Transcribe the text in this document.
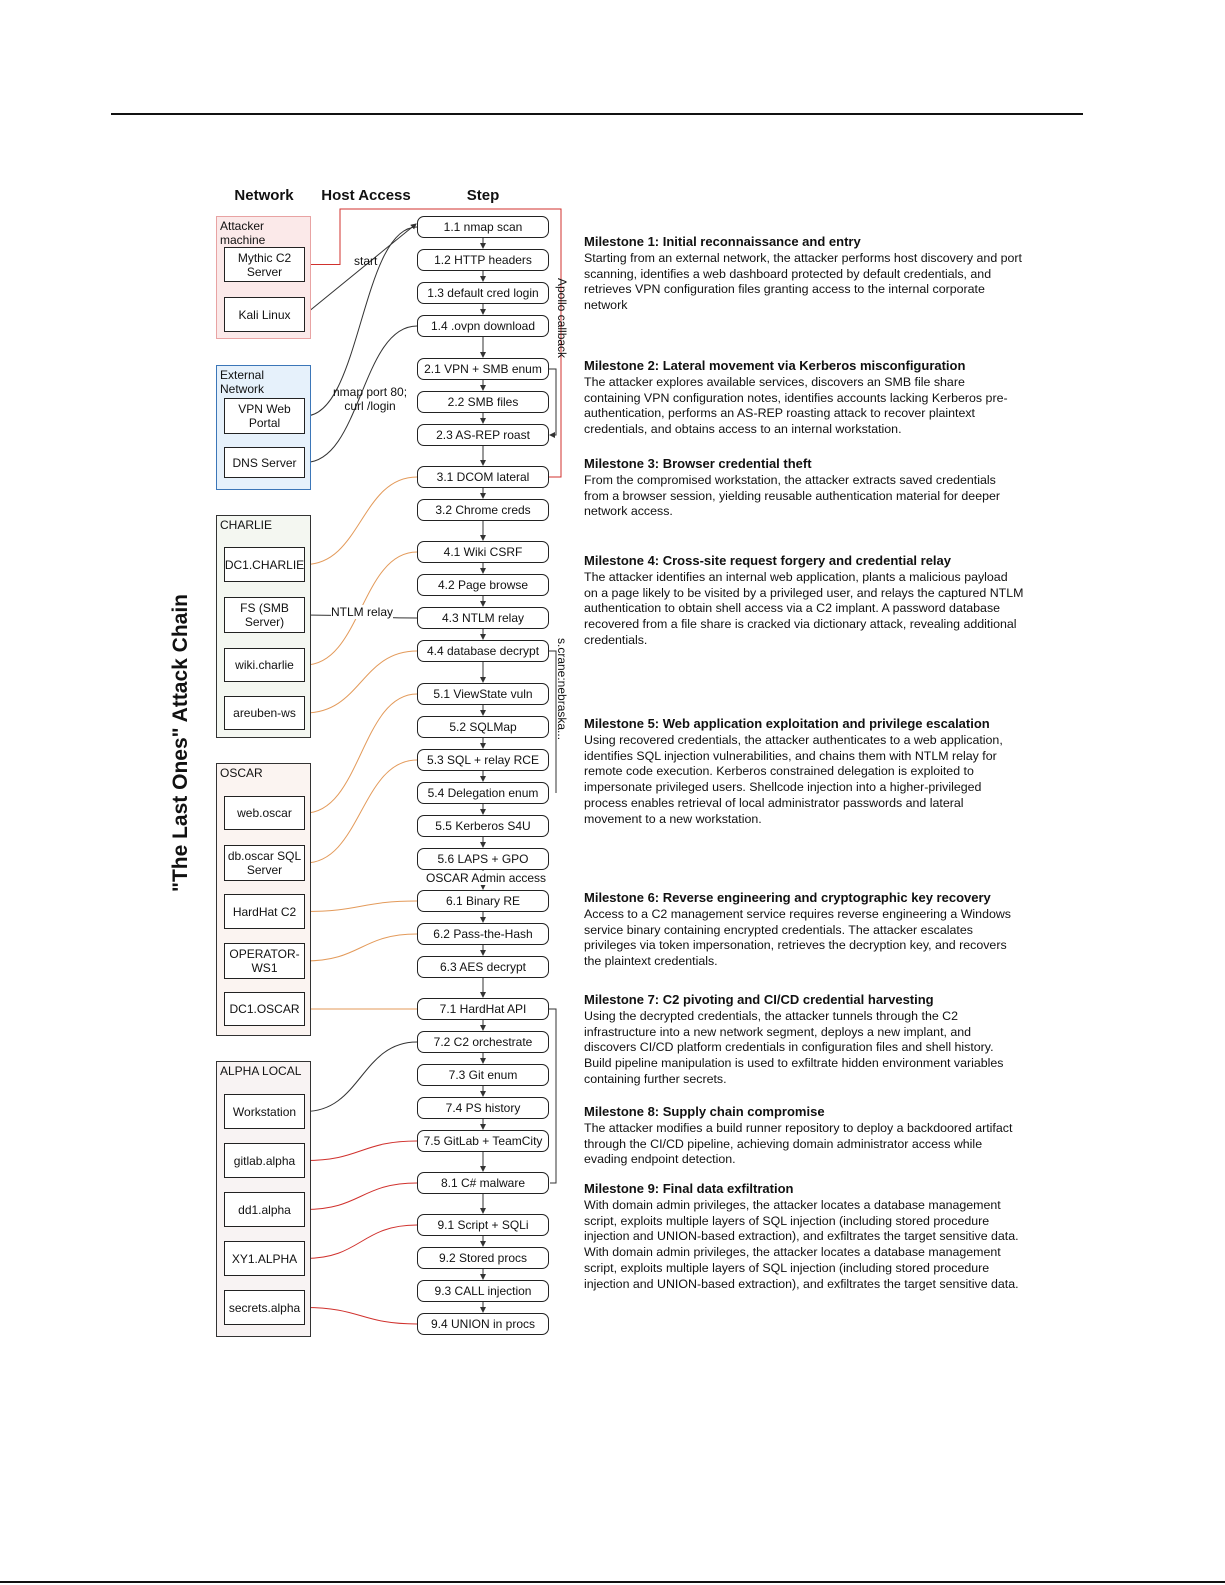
"The Last Ones" Attack Chain
Network	Host Access	Step
Attacker machine
Mythic C2 Server
Kali Linux
External Network
VPN Web Portal
DNS Server
CHARLIE
DC1.CHARLIE
FS (SMB Server)
wiki.charlie
areuben-ws
OSCAR
web.oscar
db.oscar SQL Server
HardHat C2
OPERATOR-WS1
DC1.OSCAR
ALPHA LOCAL
Workstation
gitlab.alpha
dd1.alpha
XY1.ALPHA
secrets.alpha
1.1 nmap scan
1.2 HTTP headers
1.3 default cred login
1.4 .ovpn download
2.1 VPN + SMB enum
2.2 SMB files
2.3 AS-REP roast
3.1 DCOM lateral
3.2 Chrome creds
4.1 Wiki CSRF
4.2 Page browse
4.3 NTLM relay
4.4 database decrypt
5.1 ViewState vuln
5.2 SQLMap
5.3 SQL + relay RCE
5.4 Delegation enum
5.5 Kerberos S4U
5.6 LAPS + GPO
6.1 Binary RE
6.2 Pass-the-Hash
6.3 AES decrypt
7.1 HardHat API
7.2 C2 orchestrate
7.3 Git enum
7.4 PS history
7.5 GitLab + TeamCity
8.1 C# malware
9.1 Script + SQLi
9.2 Stored procs
9.3 CALL injection
9.4 UNION in procs
start
nmap port 80;
curl /login
NTLM relay
OSCAR Admin access
Apollo callback
s.crane:nebraska...
Milestone 1: Initial reconnaissance and entry
Starting from an external network, the attacker performs host discovery and port scanning, identifies a web dashboard protected by default credentials, and retrieves VPN configuration files granting access to the internal corporate network
Milestone 2: Lateral movement via Kerberos misconfiguration
The attacker explores available services, discovers an SMB file share containing VPN configuration notes, identifies accounts lacking Kerberos pre-authentication, performs an AS-REP roasting attack to recover plaintext credentials, and obtains access to an internal workstation.
Milestone 3: Browser credential theft
From the compromised workstation, the attacker extracts saved credentials from a browser session, yielding reusable authentication material for deeper network access.
Milestone 4: Cross-site request forgery and credential relay
The attacker identifies an internal web application, plants a malicious payload on a page likely to be visited by a privileged user, and relays the captured NTLM authentication to obtain shell access via a C2 implant. A password database recovered from a file share is cracked via dictionary attack, revealing additional credentials.
Milestone 5: Web application exploitation and privilege escalation
Using recovered credentials, the attacker authenticates to a web application, identifies SQL injection vulnerabilities, and chains them with NTLM relay for remote code execution. Kerberos constrained delegation is exploited to impersonate privileged users. Shellcode injection into a higher-privileged process enables retrieval of local administrator passwords and lateral movement to a new workstation.
Milestone 6: Reverse engineering and cryptographic key recovery
Access to a C2 management service requires reverse engineering a Windows service binary containing encrypted credentials. The attacker escalates privileges via token impersonation, retrieves the decryption key, and recovers the plaintext credentials.
Milestone 7: C2 pivoting and CI/CD credential harvesting
Using the decrypted credentials, the attacker tunnels through the C2 infrastructure into a new network segment, deploys a new implant, and discovers CI/CD platform credentials in configuration files and shell history. Build pipeline manipulation is used to exfiltrate hidden environment variables containing further secrets.
Milestone 8: Supply chain compromise
The attacker modifies a build runner repository to deploy a backdoored artifact through the CI/CD pipeline, achieving domain administrator access while evading endpoint detection.
Milestone 9: Final data exfiltration
With domain admin privileges, the attacker locates a database management script, exploits multiple layers of SQL injection (including stored procedure injection and UNION-based extraction), and exfiltrates the target sensitive data.
With domain admin privileges, the attacker locates a database management script, exploits multiple layers of SQL injection (including stored procedure injection and UNION-based extraction), and exfiltrates the target sensitive data.
